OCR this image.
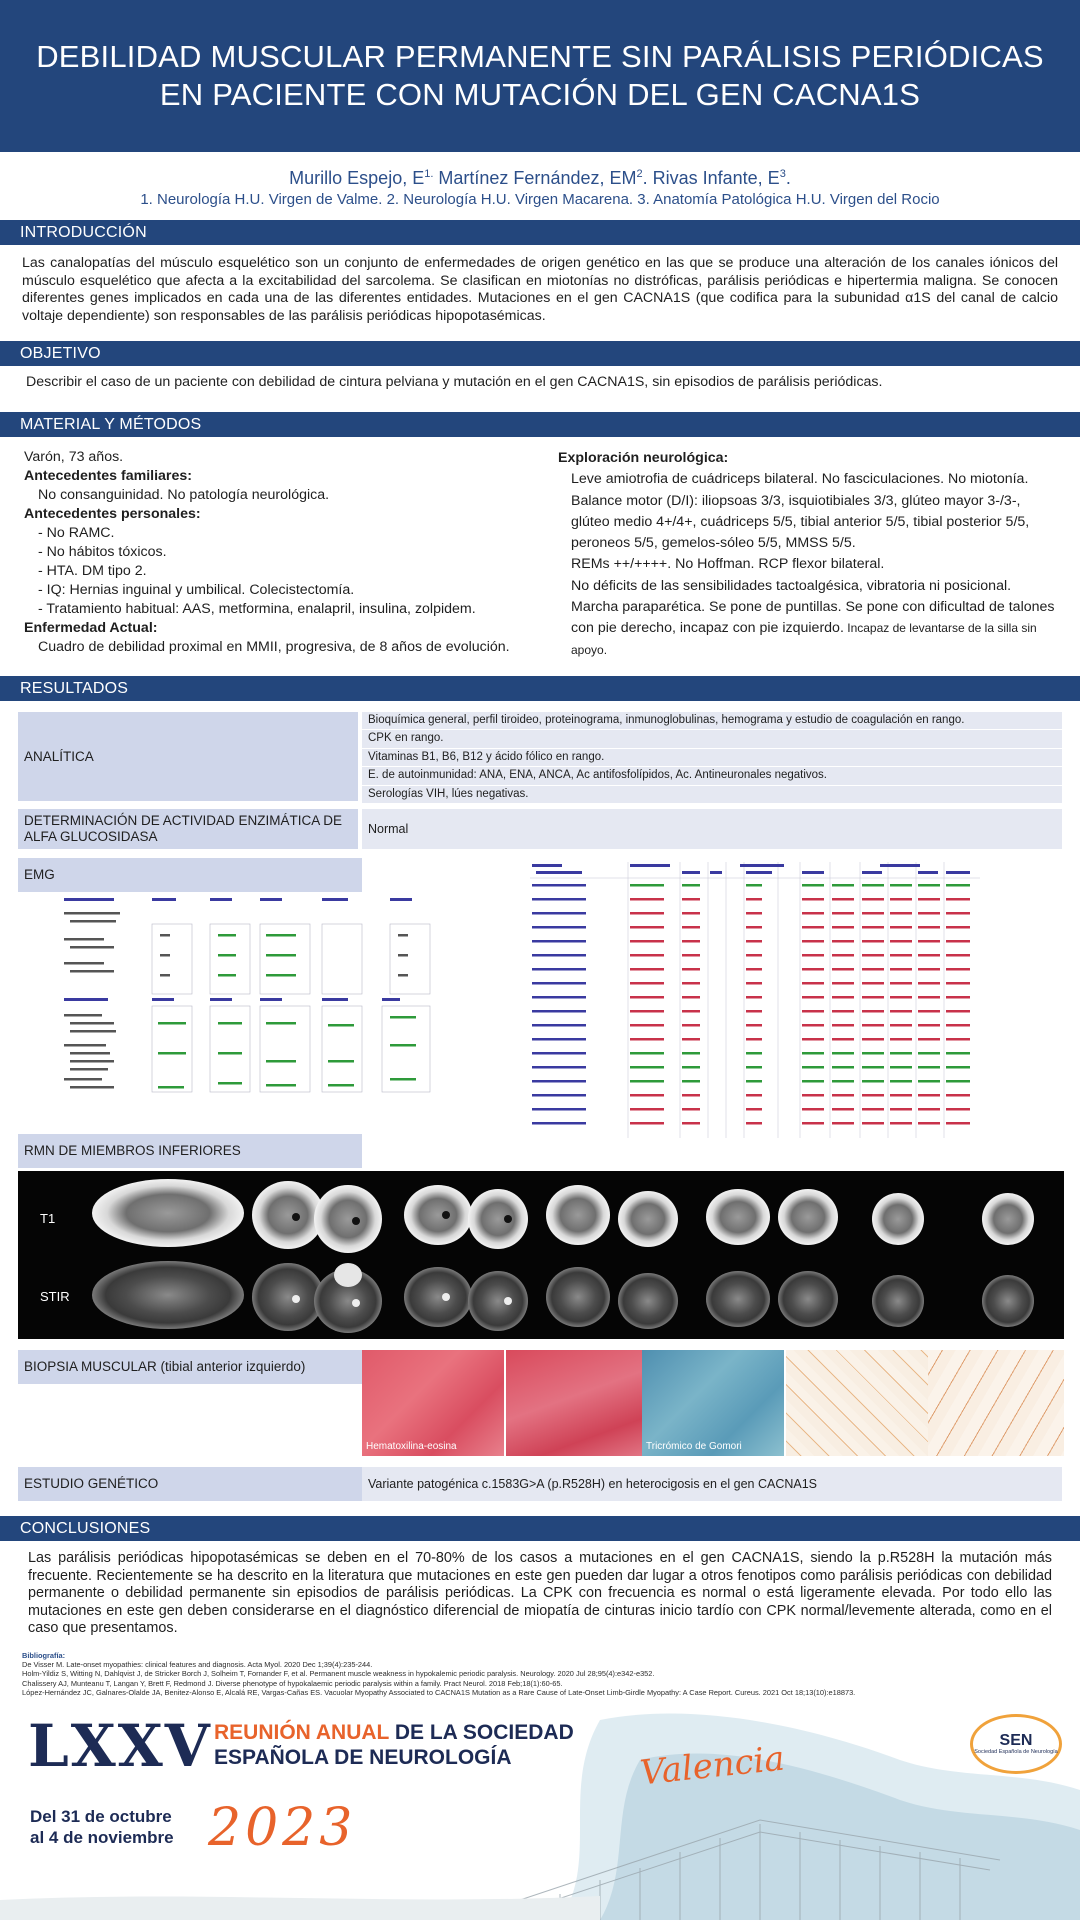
DEBILIDAD MUSCULAR PERMANENTE SIN PARÁLISIS PERIÓDICAS EN PACIENTE CON MUTACIÓN DEL GEN CACNA1S
Murillo Espejo, $E^{1.}$ Martínez Fernández, $EM^2$. Rivas Infante, $E^3$.
1. Neurología H.U. Virgen de Valme. 2. Neurología H.U. Virgen Macarena. 3. Anatomía Patológica H.U. Virgen del Rocio
INTRODUCCIÓN
Las canalopatías del músculo esquelético son un conjunto de enfermedades de origen genético en las que se produce una alteración de los canales iónicos del músculo esquelético que afecta a la excitabilidad del sarcolema. Se clasifican en miotonías no distróficas, parálisis periódicas e hipertermia maligna. Se conocen diferentes genes implicados en cada una de las diferentes entidades. Mutaciones en el gen CACNA1S (que codifica para la subunidad α1S del canal de calcio voltaje dependiente) son responsables de las parálisis periódicas hipopotasémicas.
OBJETIVO
Describir el caso de un paciente con debilidad de cintura pelviana y mutación en el gen CACNA1S, sin episodios de parálisis periódicas.
MATERIAL Y MÉTODOS
Varón, 73 años.
Antecedentes familiares:
No consanguinidad. No patología neurológica.
Antecedentes personales:
- No RAMC.
- No hábitos tóxicos.
- HTA. DM tipo 2.
- IQ: Hernias inguinal y umbilical. Colecistectomía.
- Tratamiento habitual: AAS, metformina, enalapril, insulina, zolpidem.
Enfermedad Actual:
Cuadro de debilidad proximal en MMII, progresiva, de 8 años de evolución.
Exploración neurológica:
Leve amiotrofia de cuádriceps bilateral. No fasciculaciones. No miotonía.
Balance motor (D/I): iliopsoas 3/3, isquiotibiales 3/3, glúteo mayor 3-/3-, glúteo medio 4+/4+, cuádriceps 5/5, tibial anterior 5/5, tibial posterior 5/5, peroneos 5/5, gemelos-sóleo 5/5, MMSS 5/5.
REMs ++/++++. No Hoffman. RCP flexor bilateral.
No déficits de las sensibilidades tactoalgésica, vibratoria ni posicional.
Marcha paraparética. Se pone de puntillas. Se pone con dificultad de talones con pie derecho, incapaz con pie izquierdo. Incapaz de levantarse de la silla sin apoyo.
RESULTADOS
ANALÍTICA
Bioquímica general, perfil tiroideo, proteinograma, inmunoglobulinas, hemograma y estudio de coagulación en rango.
CPK en rango.
Vitaminas B1, B6, B12 y ácido fólico en rango.
E. de autoinmunidad: ANA, ENA, ANCA, Ac antifosfolípidos, Ac. Antineuronales negativos.
Serologías VIH, lúes negativas.
DETERMINACIÓN DE ACTIVIDAD ENZIMÁTICA DE ALFA GLUCOSIDASA	Normal
EMG
RMN DE MIEMBROS INFERIORES
T1
STIR
BIOPSIA MUSCULAR (tibial anterior izquierdo)
Hematoxilina-eosina	Tricrómico de Gomori
ESTUDIO GENÉTICO	Variante patogénica c.1583G>A (p.R528H) en heterocigosis en el gen CACNA1S
CONCLUSIONES
Las parálisis periódicas hipopotasémicas se deben en el 70-80% de los casos a mutaciones en el gen CACNA1S, siendo la p.R528H la mutación más frecuente. Recientemente se ha descrito en la literatura que mutaciones en este gen pueden dar lugar a otros fenotipos como parálisis periódicas con debilidad permanente o debilidad permanente sin episodios de parálisis periódicas. La CPK con frecuencia es normal o está ligeramente elevada. Por todo ello las mutaciones en este gen deben considerarse en el diagnóstico diferencial de miopatía de cinturas inicio tardío con CPK normal/levemente alterada, como en el caso que presentamos.
Bibliografía:
De Visser M. Late-onset myopathies: clinical features and diagnosis. Acta Myol. 2020 Dec 1;39(4):235-244.
Holm-Yildiz S, Witting N, Dahlqvist J, de Stricker Borch J, Solheim T, Fornander F, et al. Permanent muscle weakness in hypokalemic periodic paralysis. Neurology. 2020 Jul 28;95(4):e342-e352.
Chalissery AJ, Munteanu T, Langan Y, Brett F, Redmond J. Diverse phenotype of hypokalaemic periodic paralysis within a family. Pract Neurol. 2018 Feb;18(1):60-65.
López-Hernández JC, Galnares-Olalde JA, Benitez-Alonso E, Alcalá RE, Vargas-Cañas ES. Vacuolar Myopathy Associated to CACNA1S Mutation as a Rare Cause of Late-Onset Limb-Girdle Myopathy: A Case Report. Cureus. 2021 Oct 18;13(10):e18873.
LXXV REUNIÓN ANUAL DE LA SOCIEDAD
ESPAÑOLA DE NEUROLOGÍA
Del 31 de octubre
al 4 de noviembre 2023
Valencia	SEN
Sociedad Española de Neurología
